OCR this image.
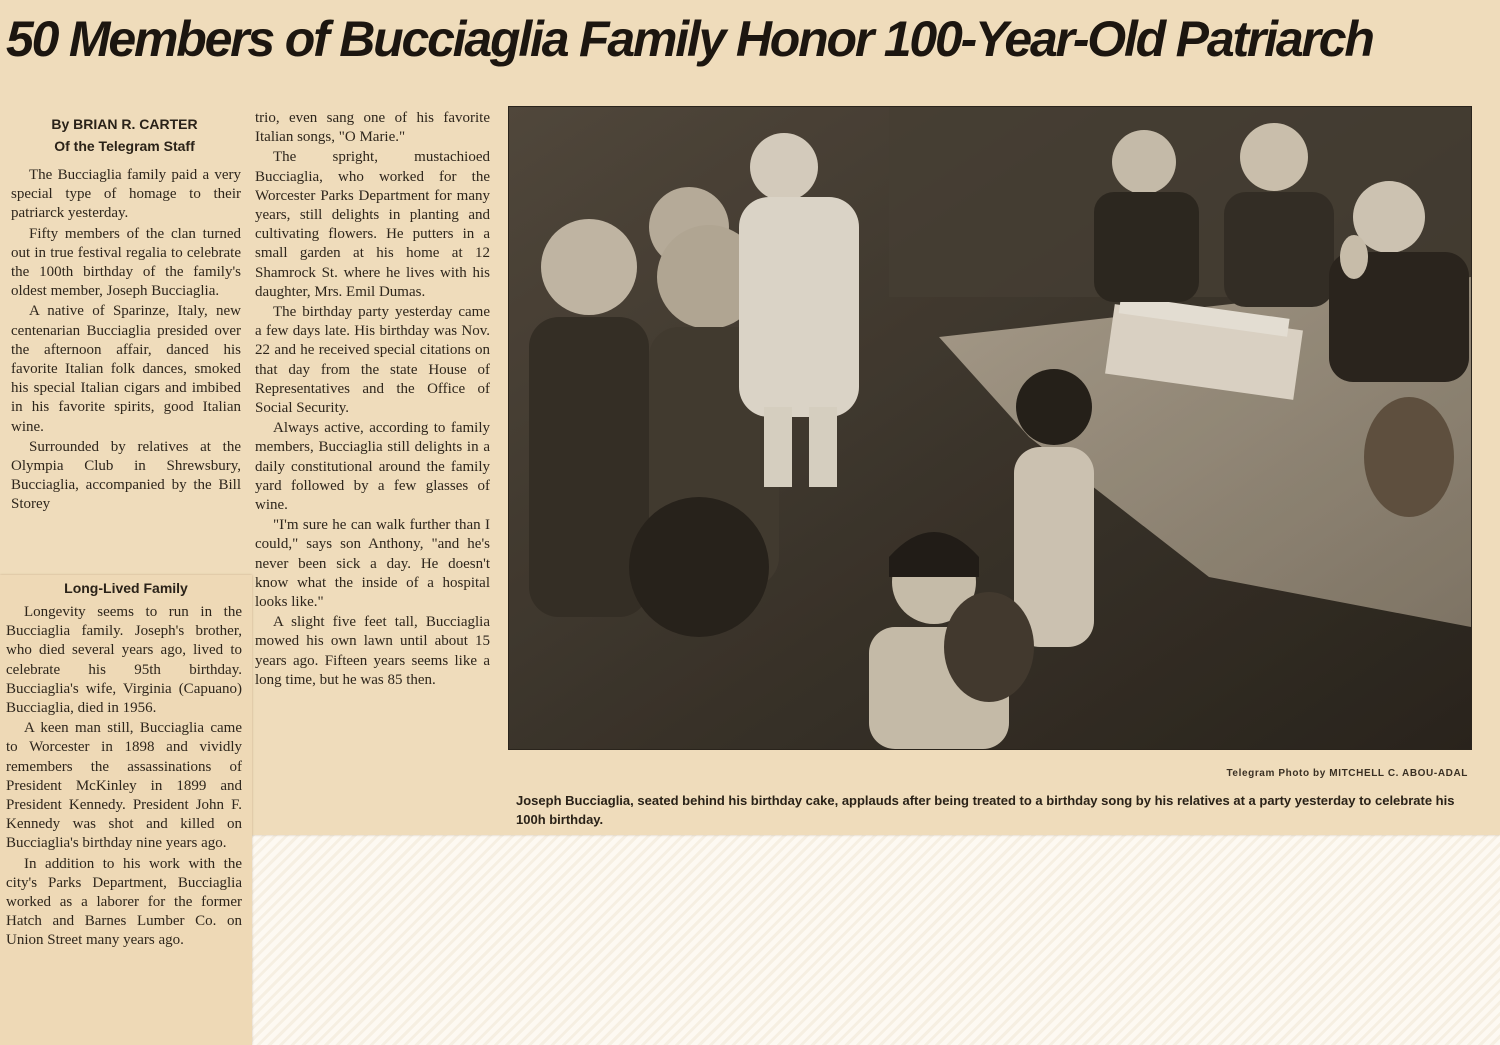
50 Members of Bucciaglia Family Honor 100-Year-Old Patriarch
By BRIAN R. CARTER
Of the Telegram Staff

The Bucciaglia family paid a very special type of homage to their patriarck yesterday.

Fifty members of the clan turned out in true festival regalia to celebrate the 100th birthday of the family's oldest member, Joseph Bucciaglia.

A native of Sparinze, Italy, new centenarian Bucciaglia presided over the afternoon affair, danced his favorite Italian folk dances, smoked his special Italian cigars and imbibed in his favorite spirits, good Italian wine.

Surrounded by relatives at the Olympia Club in Shrewsbury, Bucciaglia, accompanied by the Bill Storey

Long-Lived Family

Longevity seems to run in the Bucciaglia family. Joseph's brother, who died several years ago, lived to celebrate his 95th birthday. Bucciaglia's wife, Virginia (Capuano) Bucciaglia, died in 1956.

A keen man still, Bucciaglia came to Worcester in 1898 and vividly remembers the assassinations of President McKinley in 1899 and President Kennedy. President John F. Kennedy was shot and killed on Bucciaglia's birthday nine years ago.

In addition to his work with the city's Parks Department, Bucciaglia worked as a laborer for the former Hatch and Barnes Lumber Co. on Union Street many years ago.

trio, even sang one of his favorite Italian songs, "O Marie."

The spright, mustachioed Bucciaglia, who worked for the Worcester Parks Department for many years, still delights in planting and cultivating flowers. He putters in a small garden at his home at 12 Shamrock St. where he lives with his daughter, Mrs. Emil Dumas.

The birthday party yesterday came a few days late. His birthday was Nov. 22 and he received special citations on that day from the state House of Representatives and the Office of Social Security.

Always active, according to family members, Bucciaglia still delights in a daily constitutional around the family yard followed by a few glasses of wine.

"I'm sure he can walk further than I could," says son Anthony, "and he's never been sick a day. He doesn't know what the inside of a hospital looks like."

A slight five feet tall, Bucciaglia mowed his own lawn until about 15 years ago. Fifteen years seems like a long time, but he was 85 then.

Telegram Photo by MITCHELL C. ABOU-ADAL
Joseph Bucciaglia, seated behind his birthday cake, applauds after being treated to a birthday song by his relatives at a party yesterday to celebrate his 100h birthday.
